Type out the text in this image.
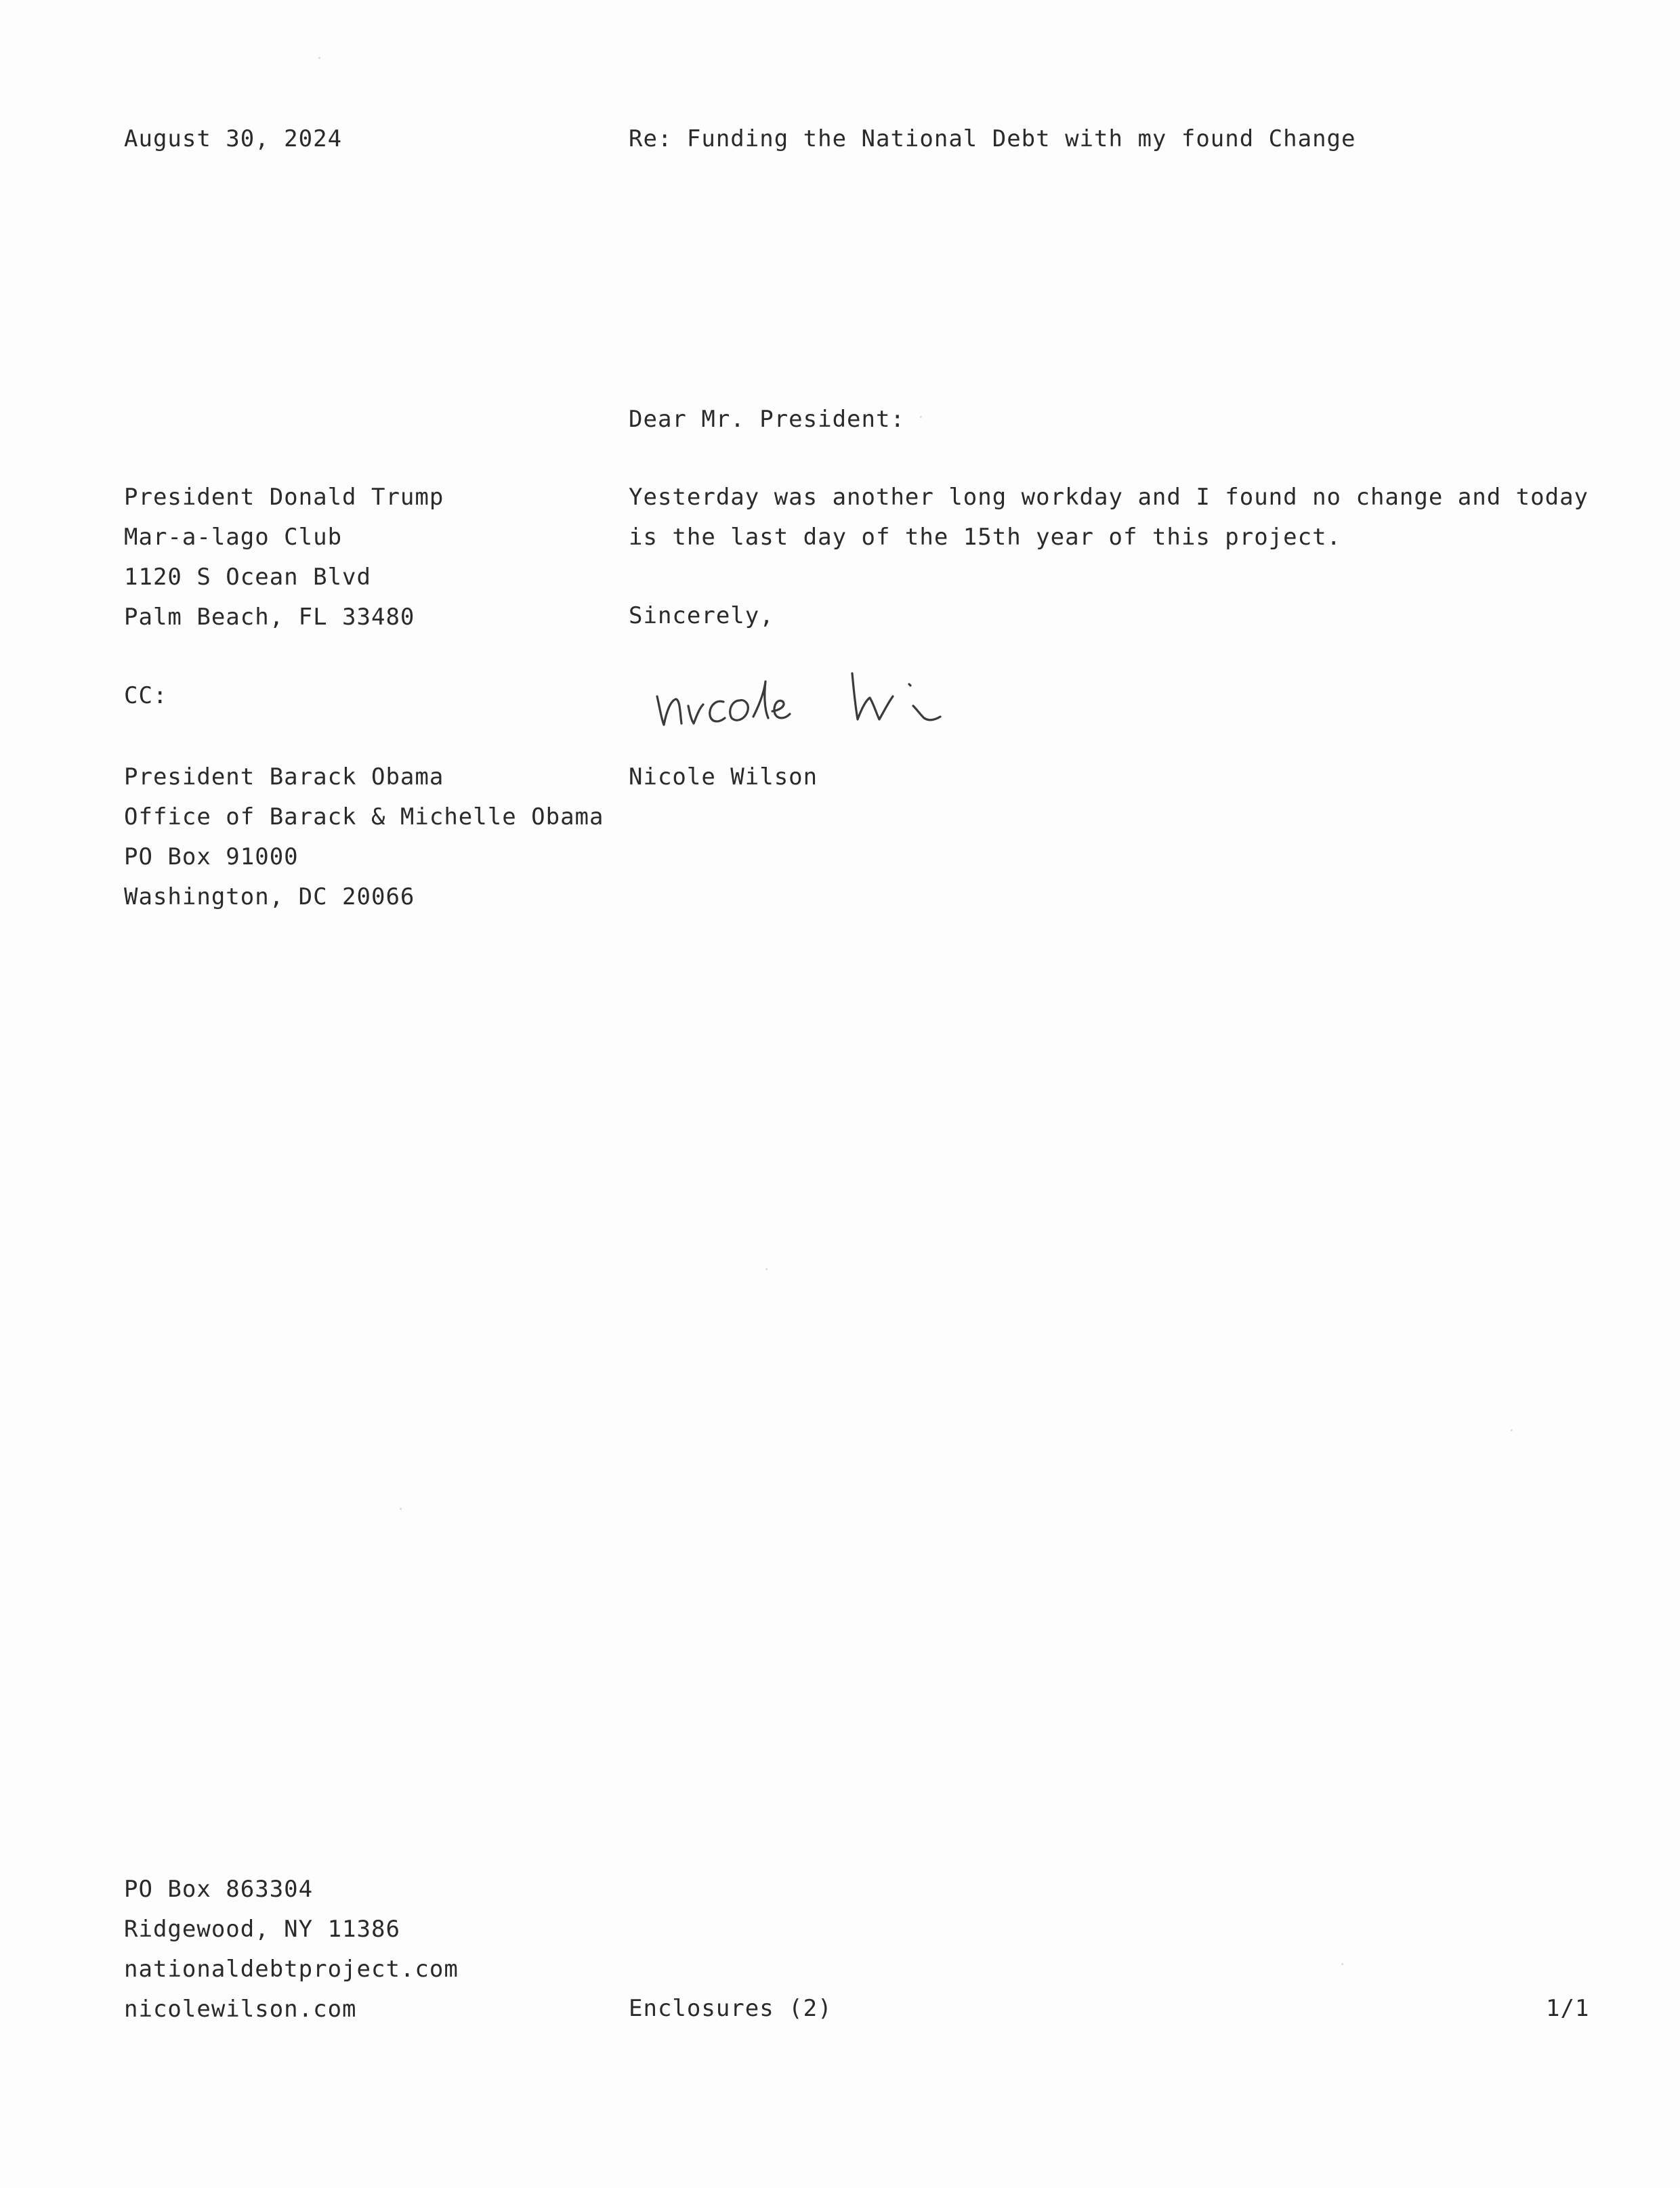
August 30, 2024	Re: Funding the National Debt with my found Change
Dear Mr. President:
President Donald Trump
Mar-a-lago Club
1120 S Ocean Blvd
Palm Beach, FL 33480
Yesterday was another long workday and I found no change and today
is the last day of the 15th year of this project.
Sincerely,
CC:
Nicole Wilson
President Barack Obama
Office of Barack & Michelle Obama
PO Box 91000
Washington, DC 20066
PO Box 863304
Ridgewood, NY 11386
nationaldebtproject.com
nicolewilson.com	Enclosures (2)	1/1
